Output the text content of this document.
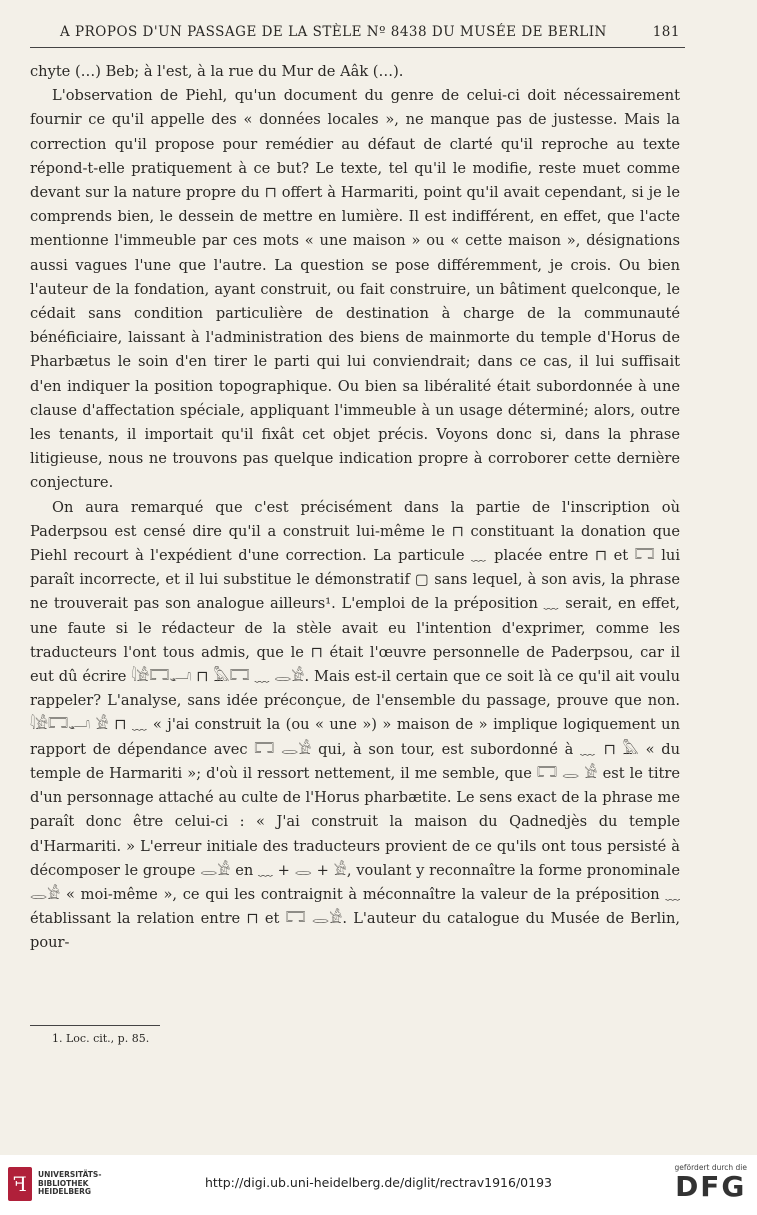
A PROPOS D'UN PASSAGE DE LA STÈLE Nº 8438 DU MUSÉE DE BERLIN	181

chyte (…) Beb; à l'est, à la rue du Mur de Aâk (…).

L'observation de Piehl, qu'un document du genre de celui-ci doit nécessairement fournir ce qu'il appelle des « données locales », ne manque pas de justesse. Mais la correction qu'il propose pour remédier au défaut de clarté qu'il reproche au texte répond-t-elle pratiquement à ce but? Le texte, tel qu'il le modifie, reste muet comme devant sur la nature propre du ⊓ offert à Harmariti, point qu'il avait cependant, si je le comprends bien, le dessein de mettre en lumière. Il est indifférent, en effet, que l'acte mentionne l'immeuble par ces mots « une maison » ou « cette maison », désignations aussi vagues l'une que l'autre. La question se pose différemment, je crois. Ou bien l'auteur de la fondation, ayant construit, ou fait construire, un bâtiment quelconque, le cédait sans condition particulière de destination à charge de la communauté bénéficiaire, laissant à l'administration des biens de mainmorte du temple d'Horus de Pharbætus le soin d'en tirer le parti qui lui conviendrait; dans ce cas, il lui suffisait d'en indiquer la position topographique. Ou bien sa libéralité était subordonnée à une clause d'affectation spéciale, appliquant l'immeuble à un usage déterminé; alors, outre les tenants, il importait qu'il fixât cet objet précis. Voyons donc si, dans la phrase litigieuse, nous ne trouvons pas quelque indication propre à corroborer cette dernière conjecture.

On aura remarqué que c'est précisément dans la partie de l'inscription où Paderpsou est censé dire qu'il a construit lui-même le ⊓ constituant la donation que Piehl recourt à l'expédient d'une correction. La particule ﹏ placée entre ⊓ et 𓉐 lui paraît incorrecte, et il lui substitue le démonstratif ▢ sans lequel, à son avis, la phrase ne trouverait pas son analogue ailleurs¹. L'emploi de la préposition ﹏ serait, en effet, une faute si le rédacteur de la stèle avait eu l'intention d'exprimer, comme les traducteurs l'ont tous admis, que le ⊓ était l'œuvre personnelle de Paderpsou, car il eut dû écrire 𓇋𓀀𓉐𓂝 ⊓ 𓅓𓉐 ﹏ 𓂋𓀀. Mais est-il certain que ce soit là ce qu'il ait voulu rappeler? L'analyse, sans idée préconçue, de l'ensemble du passage, prouve que non. 𓇋𓀀𓉐𓂝 𓀀 ⊓ ﹏ « j'ai construit la (ou « une ») » maison de » implique logiquement un rapport de dépendance avec 𓉐 𓂋𓀀 qui, à son tour, est subordonné à ﹏ ⊓ 𓅓 « du temple de Harmariti »; d'où il ressort nettement, il me semble, que 𓉐 𓂋 𓀀 est le titre d'un personnage attaché au culte de l'Horus pharbætite. Le sens exact de la phrase me paraît donc être celui-ci : « J'ai construit la maison du Qadnedjès du temple d'Harmariti. » L'erreur initiale des traducteurs provient de ce qu'ils ont tous persisté à décomposer le groupe 𓂋𓀀 en ﹏ + 𓂋 + 𓀀, voulant y reconnaître la forme pronominale 𓂋𓀀 « moi-même », ce qui les contraignit à méconnaître la valeur de la préposition ﹏ établissant la relation entre ⊓ et 𓉐 𓂋𓀀. L'auteur du catalogue du Musée de Berlin, pour-

1. Loc. cit., p. 85.
ꟻ	UNIVERSITÄTS-
BIBLIOTHEK
HEIDELBERG
http://digi.ub.uni-heidelberg.de/diglit/rectrav1916/0193
gefördert durch die
DFG
